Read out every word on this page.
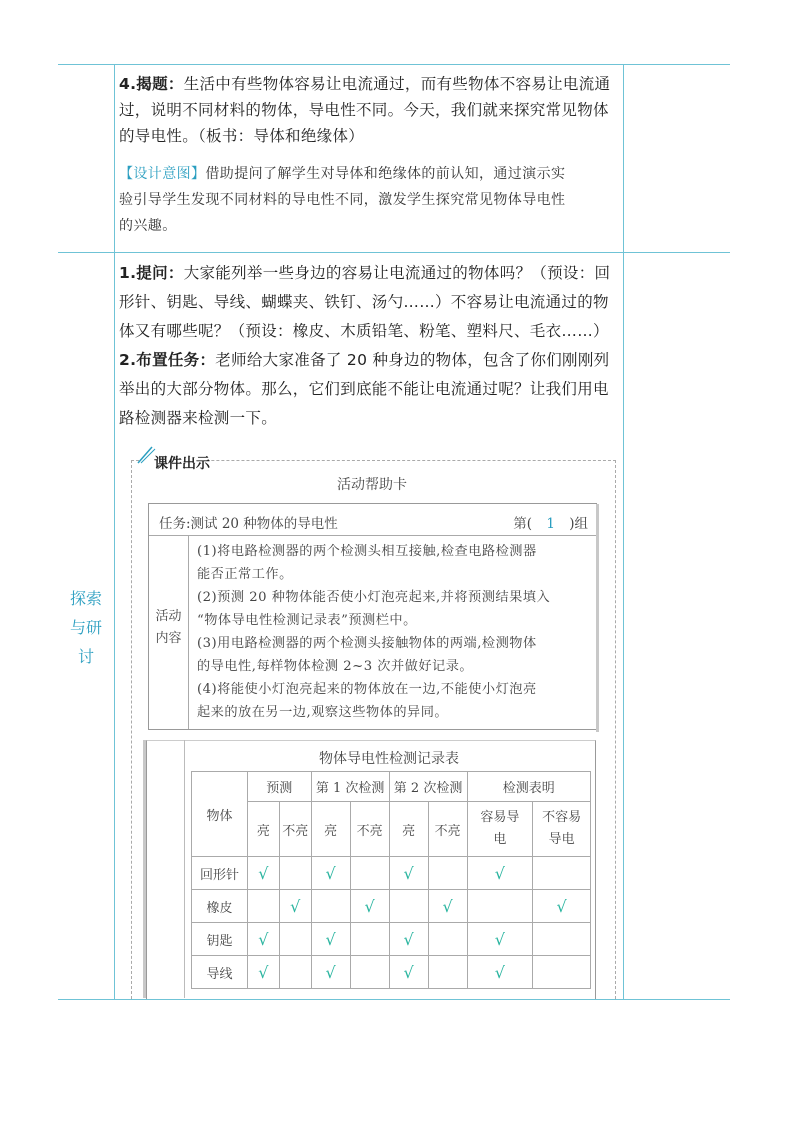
4.揭题：生活中有些物体容易让电流通过，而有些物体不容易让电流通
过，说明不同材料的物体，导电性不同。今天，我们就来探究常见物体
的导电性。（板书：导体和绝缘体）
【设计意图】借助提问了解学生对导体和绝缘体的前认知，通过演示实
验引导学生发现不同材料的导电性不同，激发学生探究常见物体导电性
的兴趣。
探索
与研
讨
1.提问：大家能列举一些身边的容易让电流通过的物体吗？（预设：回
形针、钥匙、导线、蝴蝶夹、铁钉、汤勺……）不容易让电流通过的物
体又有哪些呢？（预设：橡皮、木质铅笔、粉笔、塑料尺、毛衣……）
2.布置任务：老师给大家准备了 20 种身边的物体，包含了你们刚刚列
举出的大部分物体。那么，它们到底能不能让电流通过呢？让我们用电
路检测器来检测一下。
课件出示
活动帮助卡
任务:测试 20 种物体的导电性	第( 1 )组
活动
内容
(1)将电路检测器的两个检测头相互接触,检查电路检测器
能否正常工作。
(2)预测 20 种物体能否使小灯泡亮起来,并将预测结果填入
“物体导电性检测记录表”预测栏中。
(3)用电路检测器的两个检测头接触物体的两端,检测物体
的导电性,每样物体检测 2~3 次并做好记录。
(4)将能使小灯泡亮起来的物体放在一边,不能使小灯泡亮
起来的放在另一边,观察这些物体的异同。
物体导电性检测记录表
物体	预测		第 1 次检测		第 2 次检测		检测表明	
	亮	不亮	亮	不亮	亮	不亮	容易导电	不容易导电
回形针	√		√		√		√	
橡皮		√		√		√		√
钥匙	√		√		√		√	
导线	√		√		√		√	
